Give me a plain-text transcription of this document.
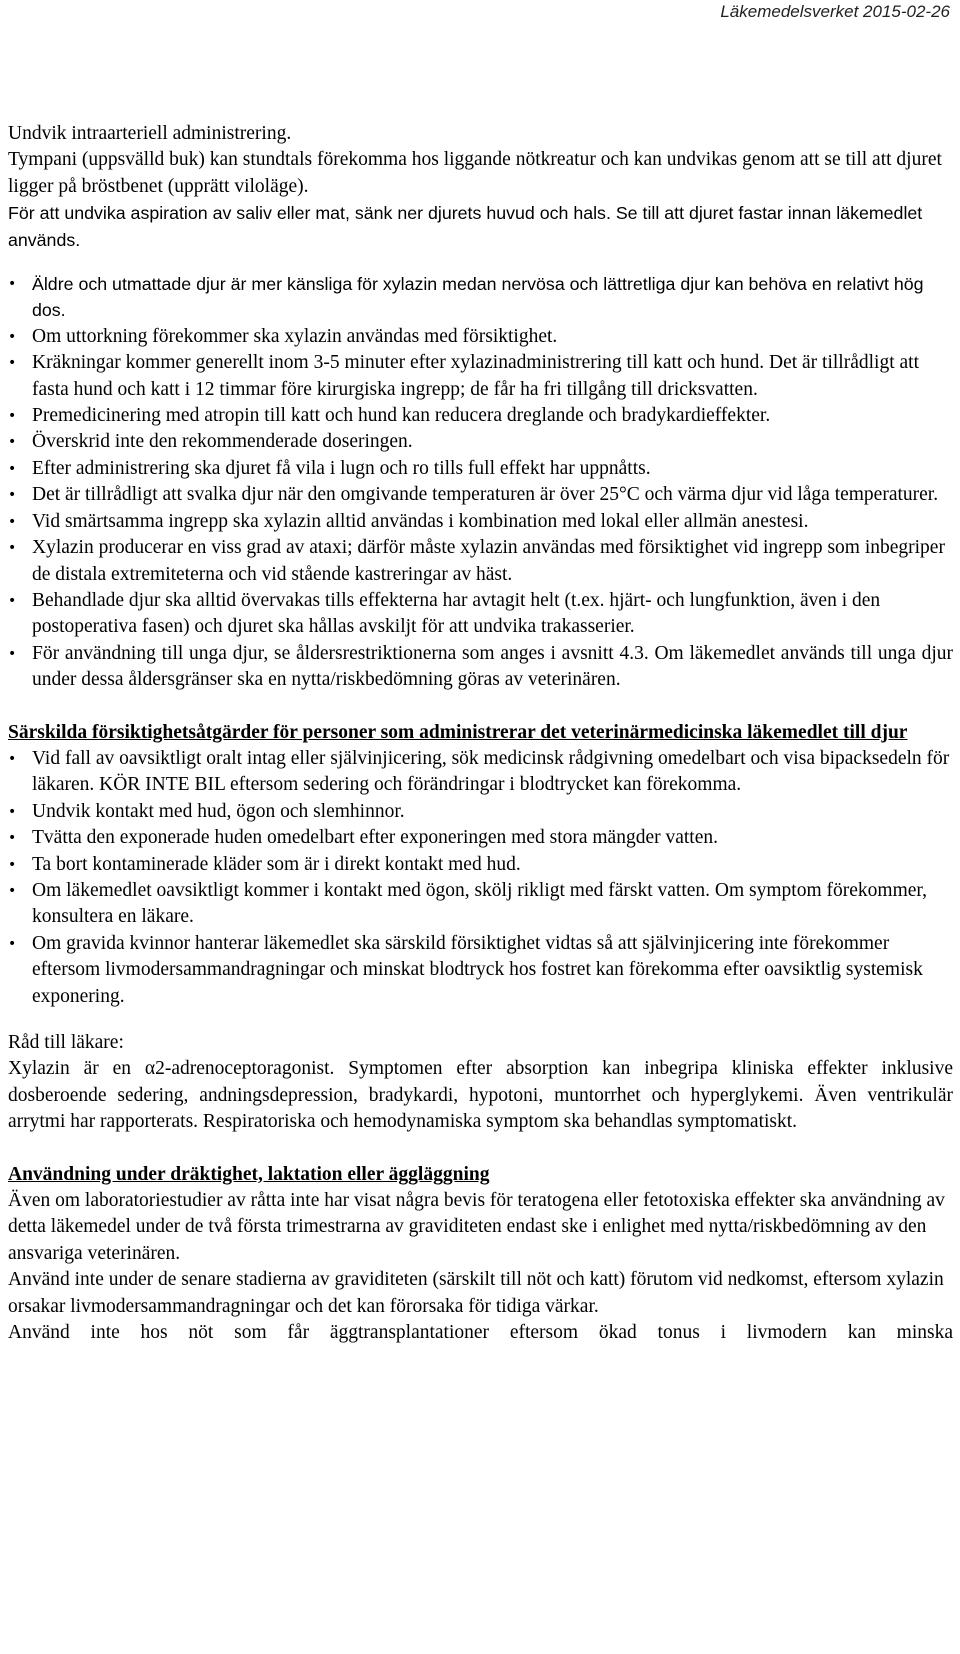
Läkemedelsverket 2015-02-26

Undvik intraarteriell administrering.

Tympani (uppsvälld buk) kan stundtals förekomma hos liggande nötkreatur och kan undvikas genom att se till att djuret ligger på bröstbenet (upprätt viloläge).

För att undvika aspiration av saliv eller mat, sänk ner djurets huvud och hals. Se till att djuret fastar innan läkemedlet används.

• Äldre och utmattade djur är mer känsliga för xylazin medan nervösa och lättretliga djur kan behöva en relativt hög dos.
• Om uttorkning förekommer ska xylazin användas med försiktighet.
• Kräkningar kommer generellt inom 3-5 minuter efter xylazinadministrering till katt och hund. Det är tillrådligt att fasta hund och katt i 12 timmar före kirurgiska ingrepp; de får ha fri tillgång till dricksvatten.
• Premedicinering med atropin till katt och hund kan reducera dreglande och bradykardieffekter.
• Överskrid inte den rekommenderade doseringen.
• Efter administrering ska djuret få vila i lugn och ro tills full effekt har uppnåtts.
• Det är tillrådligt att svalka djur när den omgivande temperaturen är över 25°C och värma djur vid låga temperaturer.
• Vid smärtsamma ingrepp ska xylazin alltid användas i kombination med lokal eller allmän anestesi.
• Xylazin producerar en viss grad av ataxi; därför måste xylazin användas med försiktighet vid ingrepp som inbegriper de distala extremiteterna och vid stående kastreringar av häst.
• Behandlade djur ska alltid övervakas tills effekterna har avtagit helt (t.ex. hjärt- och lungfunktion, även i den postoperativa fasen) och djuret ska hållas avskiljt för att undvika trakasserier.
• För användning till unga djur, se åldersrestriktionerna som anges i avsnitt 4.3. Om läkemedlet används till unga djur under dessa åldersgränser ska en nytta/riskbedömning göras av veterinären.

Särskilda försiktighetsåtgärder för personer som administrerar det veterinärmedicinska läkemedlet till djur

• Vid fall av oavsiktligt oralt intag eller självinjicering, sök medicinsk rådgivning omedelbart och visa bipacksedeln för läkaren. KÖR INTE BIL eftersom sedering och förändringar i blodtrycket kan förekomma.
• Undvik kontakt med hud, ögon och slemhinnor.
• Tvätta den exponerade huden omedelbart efter exponeringen med stora mängder vatten.
• Ta bort kontaminerade kläder som är i direkt kontakt med hud.
• Om läkemedlet oavsiktligt kommer i kontakt med ögon, skölj rikligt med färskt vatten. Om symptom förekommer, konsultera en läkare.
• Om gravida kvinnor hanterar läkemedlet ska särskild försiktighet vidtas så att självinjicering inte förekommer eftersom livmodersammandragningar och minskat blodtryck hos fostret kan förekomma efter oavsiktlig systemisk exponering.

Råd till läkare:

Xylazin är en α2-adrenoceptoragonist. Symptomen efter absorption kan inbegripa kliniska effekter inklusive dosberoende sedering, andningsdepression, bradykardi, hypotoni, muntorrhet och hyperglykemi. Även ventrikulär arrytmi har rapporterats. Respiratoriska och hemodynamiska symptom ska behandlas symptomatiskt.

Användning under dräktighet, laktation eller äggläggning

Även om laboratoriestudier av råtta inte har visat några bevis för teratogena eller fetotoxiska effekter ska användning av detta läkemedel under de två första trimestrarna av graviditeten endast ske i enlighet med nytta/riskbedömning av den ansvariga veterinären.

Använd inte under de senare stadierna av graviditeten (särskilt till nöt och katt) förutom vid nedkomst, eftersom xylazin orsakar livmodersammandragningar och det kan förorsaka för tidiga värkar.

Använd inte hos nöt som får äggtransplantationer eftersom ökad tonus i livmodern kan minska
